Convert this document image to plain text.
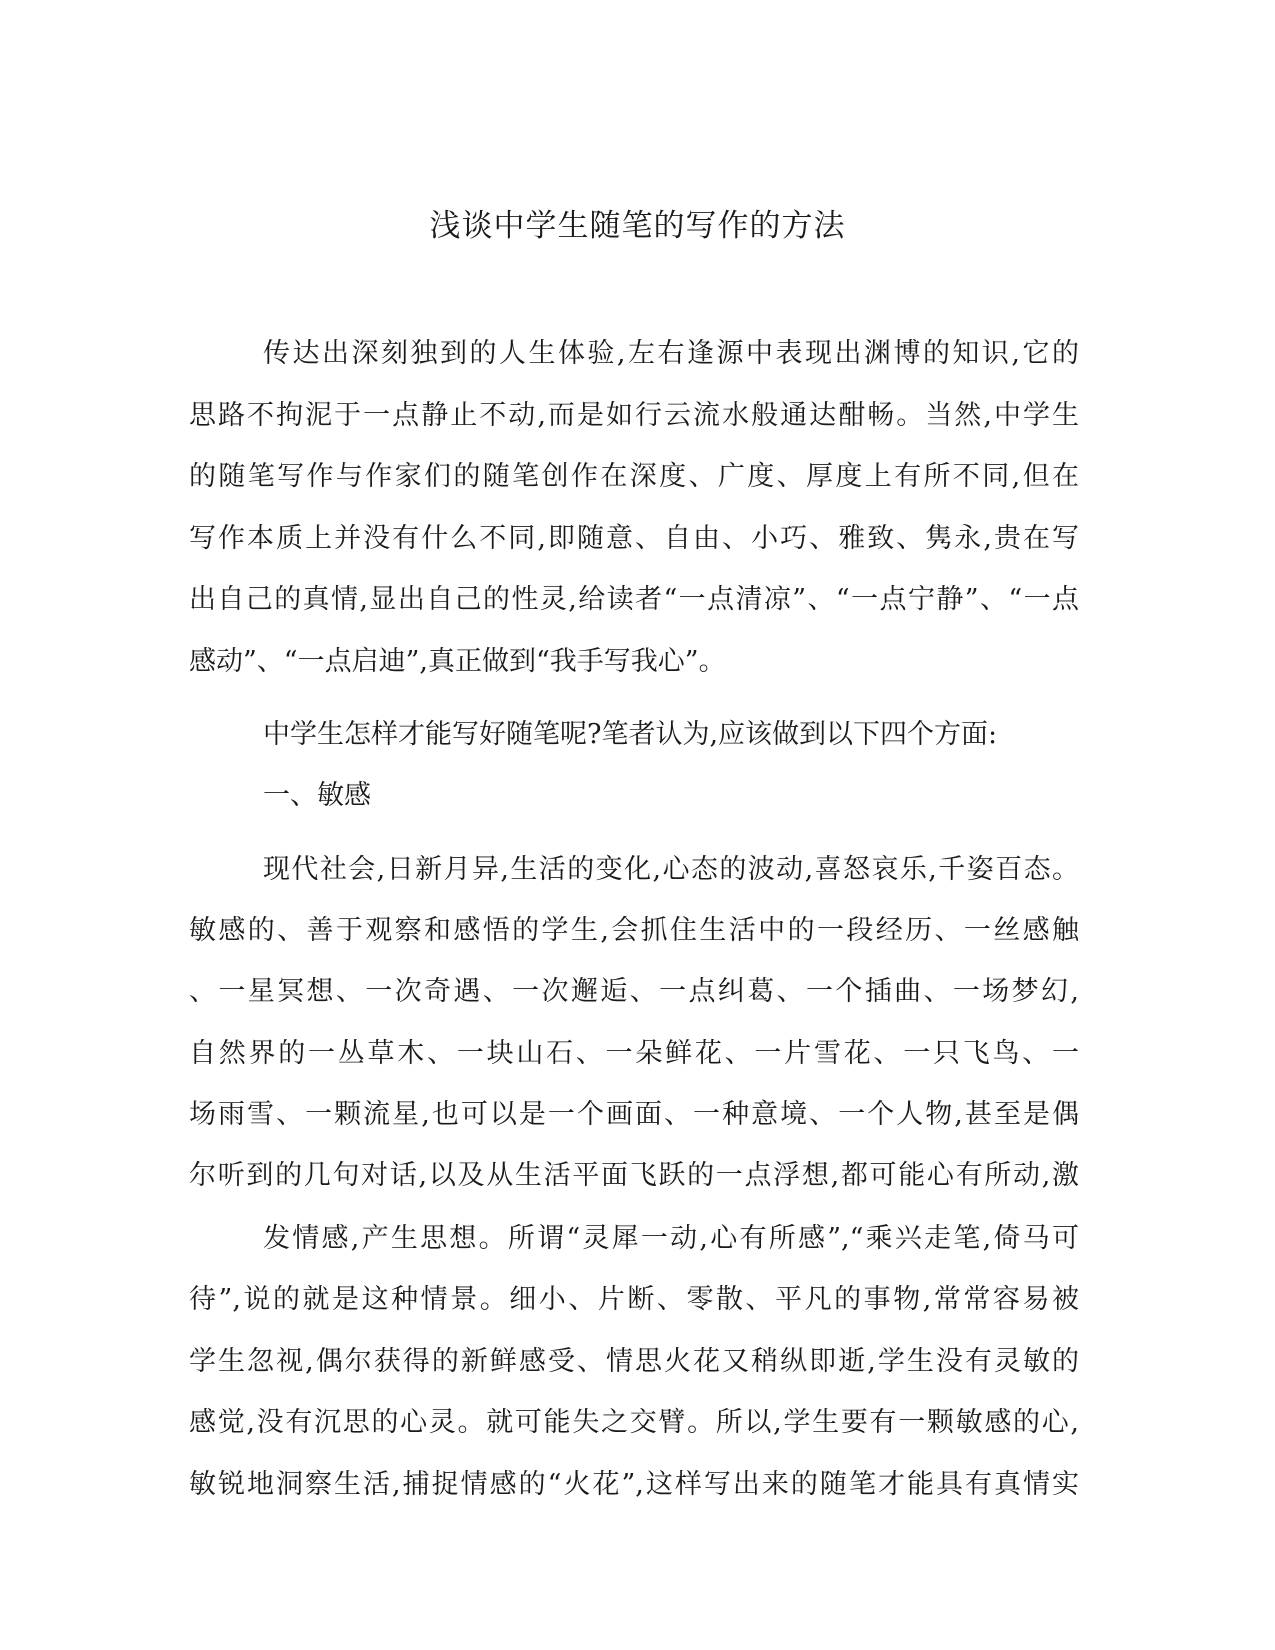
浅谈中学生随笔的写作的方法

传达出深刻独到的人生体验,左右逢源中表现出渊博的知识,它的

思路不拘泥于一点静止不动,而是如行云流水般通达酣畅。当然,中学生

的随笔写作与作家们的随笔创作在深度、广度、厚度上有所不同,但在

写作本质上并没有什么不同,即随意、自由、小巧、雅致、隽永,贵在写

出自己的真情,显出自己的性灵,给读者“一点清凉”、“一点宁静”、“一点

感动”、“一点启迪”,真正做到“我手写我心”。

中学生怎样才能写好随笔呢?笔者认为,应该做到以下四个方面:

一、敏感

现代社会,日新月异,生活的变化,心态的波动,喜怒哀乐,千姿百态。

敏感的、善于观察和感悟的学生,会抓住生活中的一段经历、一丝感触

、一星冥想、一次奇遇、一次邂逅、一点纠葛、一个插曲、一场梦幻,

自然界的一丛草木、一块山石、一朵鲜花、一片雪花、一只飞鸟、一

场雨雪、一颗流星,也可以是一个画面、一种意境、一个人物,甚至是偶

尔听到的几句对话,以及从生活平面飞跃的一点浮想,都可能心有所动,激

发情感,产生思想。所谓“灵犀一动,心有所感”,“乘兴走笔,倚马可

待”,说的就是这种情景。细小、片断、零散、平凡的事物,常常容易被

学生忽视,偶尔获得的新鲜感受、情思火花又稍纵即逝,学生没有灵敏的

感觉,没有沉思的心灵。就可能失之交臂。所以,学生要有一颗敏感的心,

敏锐地洞察生活,捕捉情感的“火花”,这样写出来的随笔才能具有真情实
